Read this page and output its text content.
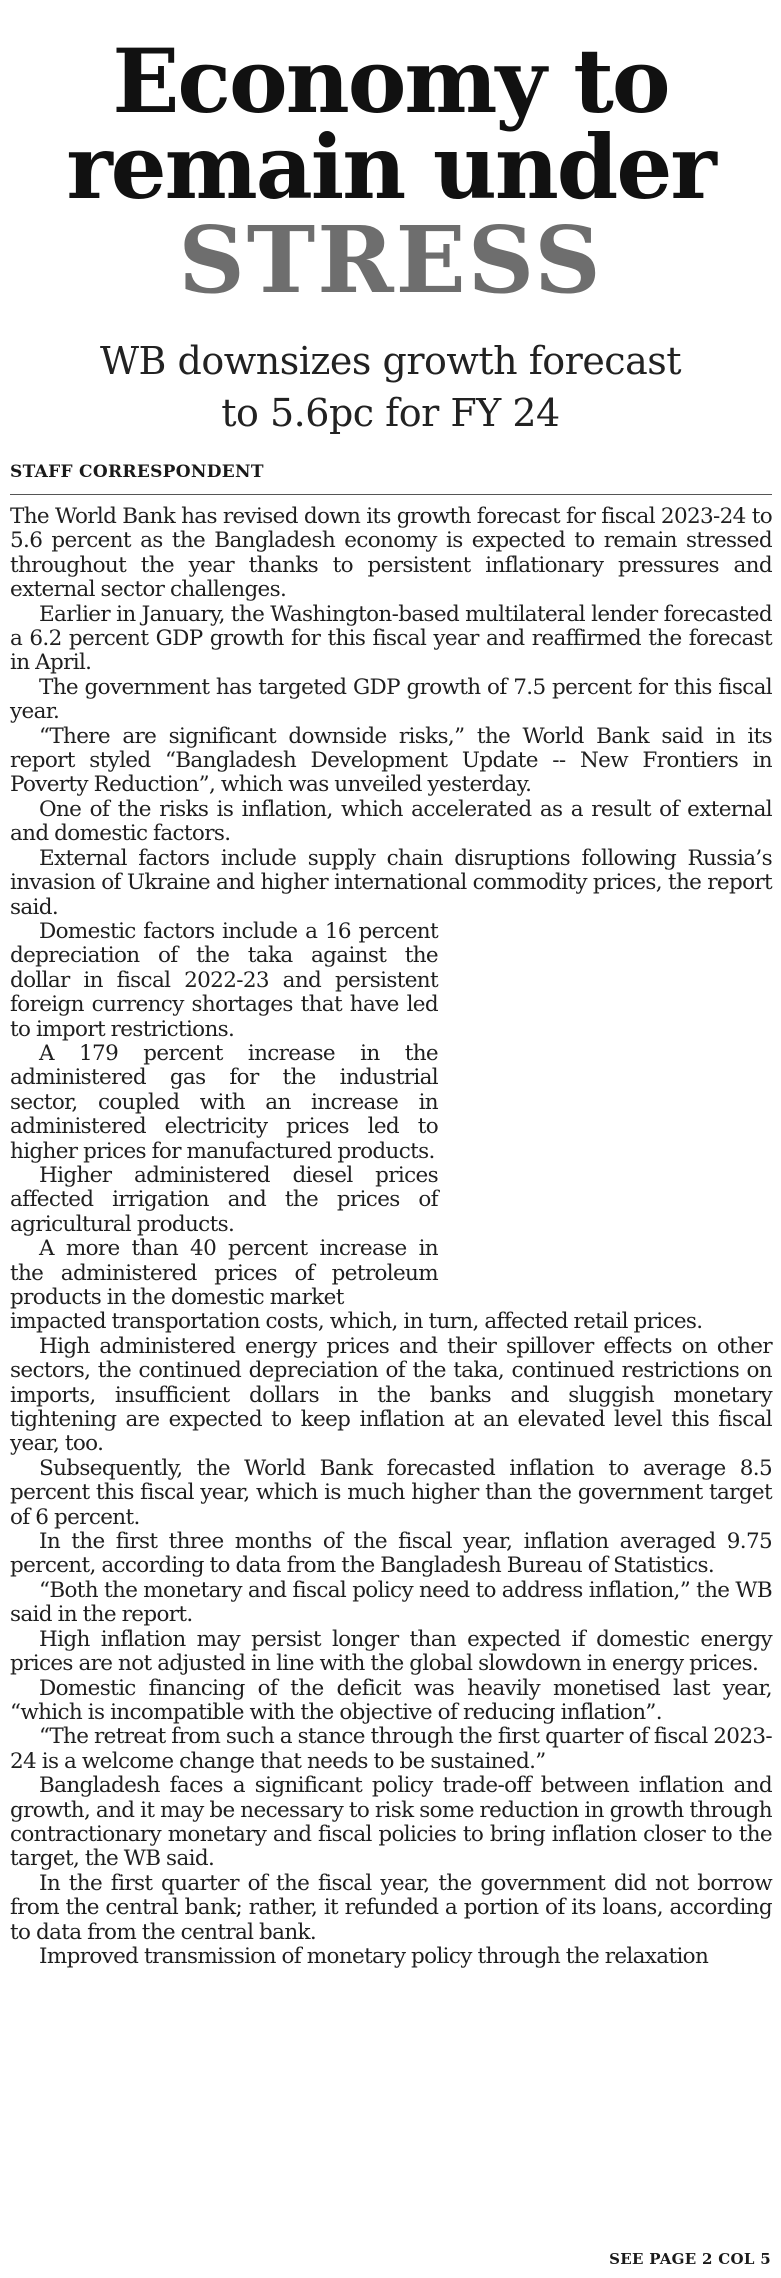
Economy to
remain under
STRESS
WB downsizes growth forecast
to 5.6pc for FY 24
STAFF CORRESPONDENT

The World Bank has revised down its growth forecast for fiscal 2023-24 to 5.6 percent as the Bangladesh economy is expected to remain stressed throughout the year thanks to persistent inflationary pressures and external sector challenges.

Earlier in January, the Washington-based multilateral lender forecasted a 6.2 percent GDP growth for this fiscal year and reaffirmed the forecast in April.

The government has targeted GDP growth of 7.5 percent for this fiscal year.

“There are significant downside risks,” the World Bank said in its report styled “Bangladesh Development Update -- New Frontiers in Poverty Reduction”, which was unveiled yesterday.

One of the risks is inflation, which accelerated as a result of external and domestic factors.

External factors include supply chain disruptions following Russia’s invasion of Ukraine and higher international commodity prices, the report said.

Domestic factors include a 16 percent depreciation of the taka against the dollar in fiscal 2022-23 and persistent foreign currency shortages that have led to import restrictions.

A 179 percent increase in the administered gas for the industrial sector, coupled with an increase in administered electricity prices led to higher prices for manufactured products.

Higher administered diesel prices affected irrigation and the prices of agricultural products.

A more than 40 percent increase in the administered prices of petroleum products in the domestic market

impacted transportation costs, which, in turn, affected retail prices.

High administered energy prices and their spillover effects on other sectors, the continued depreciation of the taka, continued restrictions on imports, insufficient dollars in the banks and sluggish monetary tightening are expected to keep inflation at an elevated level this fiscal year, too.

Subsequently, the World Bank forecasted inflation to average 8.5 percent this fiscal year, which is much higher than the government target of 6 percent.

In the first three months of the fiscal year, inflation averaged 9.75 percent, according to data from the Bangladesh Bureau of Statistics.

“Both the monetary and fiscal policy need to address inflation,” the WB said in the report.

High inflation may persist longer than expected if domestic energy prices are not adjusted in line with the global slowdown in energy prices.

Domestic financing of the deficit was heavily monetised last year, “which is incompatible with the objective of reducing inflation”.

“The retreat from such a stance through the first quarter of fiscal 2023-24 is a welcome change that needs to be sustained.”

Bangladesh faces a significant policy trade-off between inflation and growth, and it may be necessary to risk some reduction in growth through contractionary monetary and fiscal policies to bring inflation closer to the target, the WB said.

In the first quarter of the fiscal year, the government did not borrow from the central bank; rather, it refunded a portion of its loans, according to data from the central bank.

Improved transmission of monetary policy through the relaxation

SEE PAGE 2 COL 5
